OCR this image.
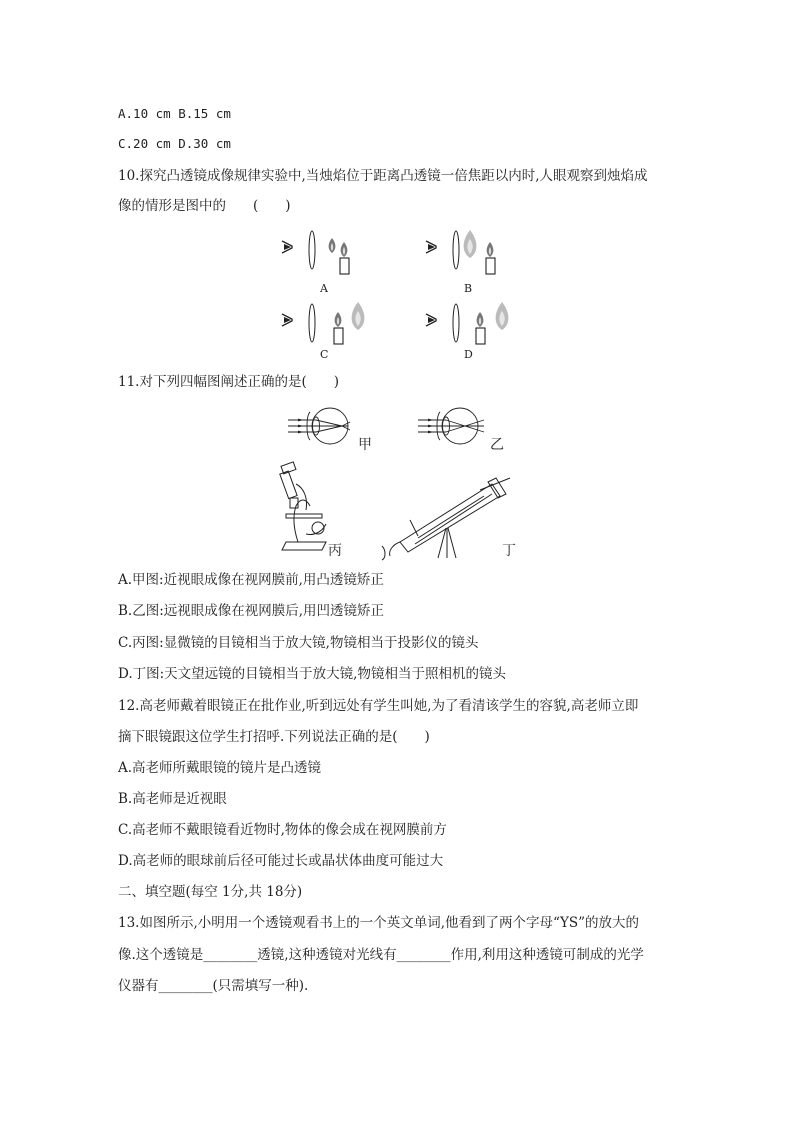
A.10 cm B.15 cm
C.20 cm D.30 cm
10.探究凸透镜成像规律实验中,当烛焰位于距离凸透镜一倍焦距以内时,人眼观察到烛焰成
像的情形是图中的　　(　　)
A	B
C	D
11.对下列四幅图阐述正确的是(　　)
甲	乙
丙	丁
A.甲图:近视眼成像在视网膜前,用凸透镜矫正
B.乙图:远视眼成像在视网膜后,用凹透镜矫正
C.丙图:显微镜的目镜相当于放大镜,物镜相当于投影仪的镜头
D.丁图:天文望远镜的目镜相当于放大镜,物镜相当于照相机的镜头
12.高老师戴着眼镜正在批作业,听到远处有学生叫她,为了看清该学生的容貌,高老师立即
摘下眼镜跟这位学生打招呼.下列说法正确的是(　　)
A.高老师所戴眼镜的镜片是凸透镜
B.高老师是近视眼
C.高老师不戴眼镜看近物时,物体的像会成在视网膜前方
D.高老师的眼球前后径可能过长或晶状体曲度可能过大
二、填空题(每空 1分,共 18分)
13.如图所示,小明用一个透镜观看书上的一个英文单词,他看到了两个字母“YS”的放大的
像.这个透镜是________透镜,这种透镜对光线有________作用,利用这种透镜可制成的光学
仪器有________(只需填写一种).
